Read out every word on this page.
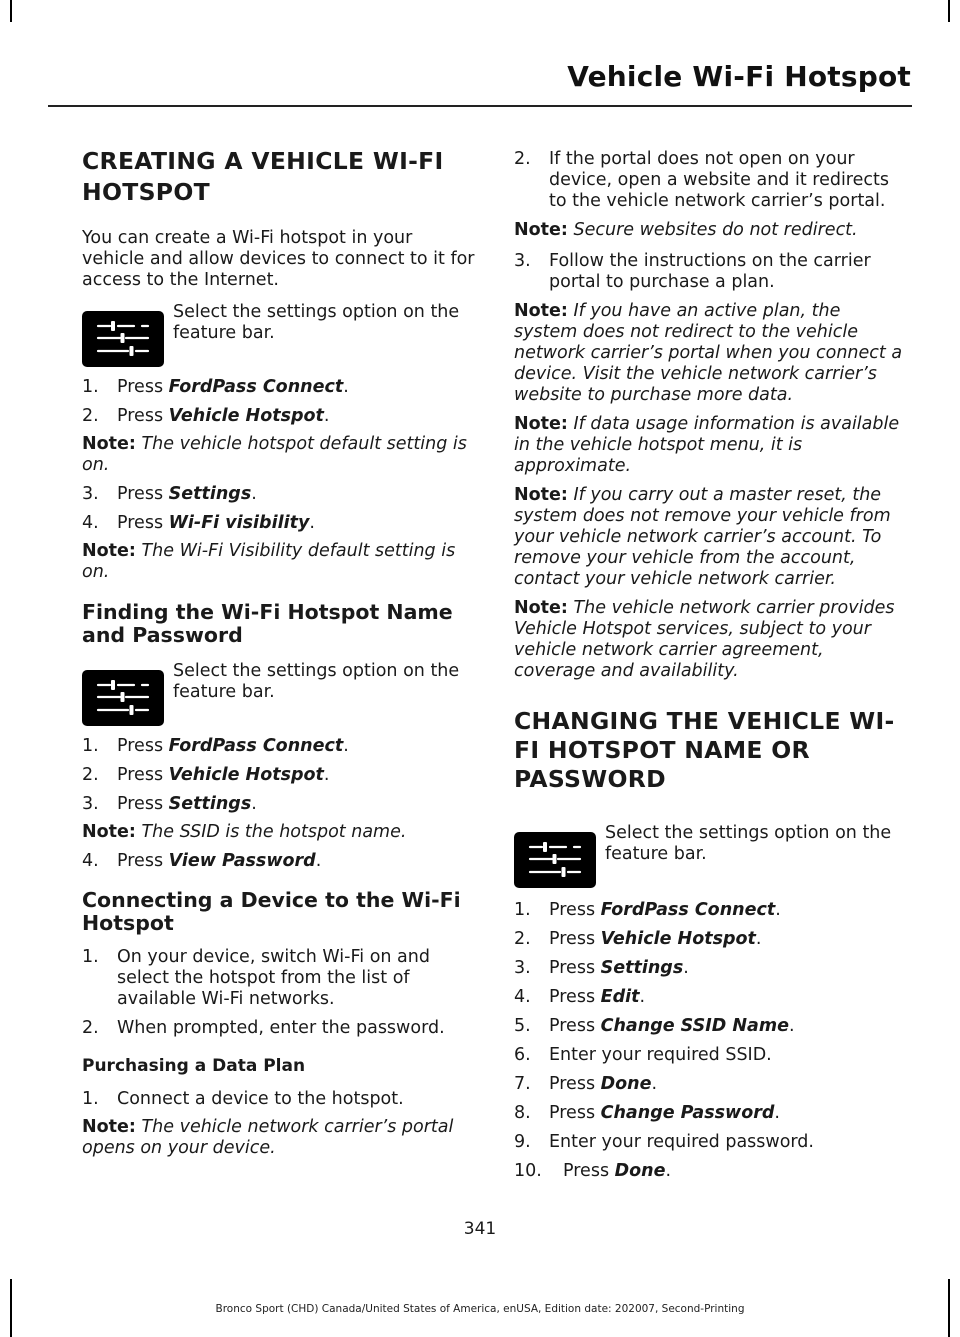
Vehicle Wi-Fi Hotspot
CREATING A VEHICLE WI-FI
HOTSPOT

You can create a Wi-Fi hotspot in your vehicle and allow devices to connect to it for access to the Internet.

Select the settings option on the feature bar.
1.	Press FordPass Connect.
2.	Press Vehicle Hotspot.

Note: The vehicle hotspot default setting is on.

3.	Press Settings.
4.	Press Wi-Fi visibility.

Note: The Wi-Fi Visibility default setting is on.

Finding the Wi-Fi Hotspot Name and Password
Select the settings option on the feature bar.
1.	Press FordPass Connect.
2.	Press Vehicle Hotspot.
3.	Press Settings.

Note: The SSID is the hotspot name.

4.	Press View Password.
Connecting a Device to the Wi-Fi Hotspot
1.	On your device, switch Wi-Fi on and select the hotspot from the list of available Wi-Fi networks.
2.	When prompted, enter the password.
Purchasing a Data Plan
1.	Connect a device to the hotspot.

Note: The vehicle network carrier’s portal opens on your device.

2.	If the portal does not open on your device, open a website and it redirects to the vehicle network carrier’s portal.

Note: Secure websites do not redirect.

3.	Follow the instructions on the carrier portal to purchase a plan.

Note: If you have an active plan, the system does not redirect to the vehicle network carrier’s portal when you connect a device. Visit the vehicle network carrier’s website to purchase more data.

Note: If data usage information is available in the vehicle hotspot menu, it is approximate.

Note: If you carry out a master reset, the system does not remove your vehicle from your vehicle network carrier’s account. To remove your vehicle from the account, contact your vehicle network carrier.

Note: The vehicle network carrier provides Vehicle Hotspot services, subject to your vehicle network carrier agreement, coverage and availability.

CHANGING THE VEHICLE WI-
FI HOTSPOT NAME OR
PASSWORD
Select the settings option on the feature bar.
1.	Press FordPass Connect.
2.	Press Vehicle Hotspot.
3.	Press Settings.
4.	Press Edit.
5.	Press Change SSID Name.
6.	Enter your required SSID.
7.	Press Done.
8.	Press Change Password.
9.	Enter your required password.
10.	Press Done.
341
Bronco Sport (CHD) Canada/United States of America, enUSA, Edition date: 202007, Second-Printing
